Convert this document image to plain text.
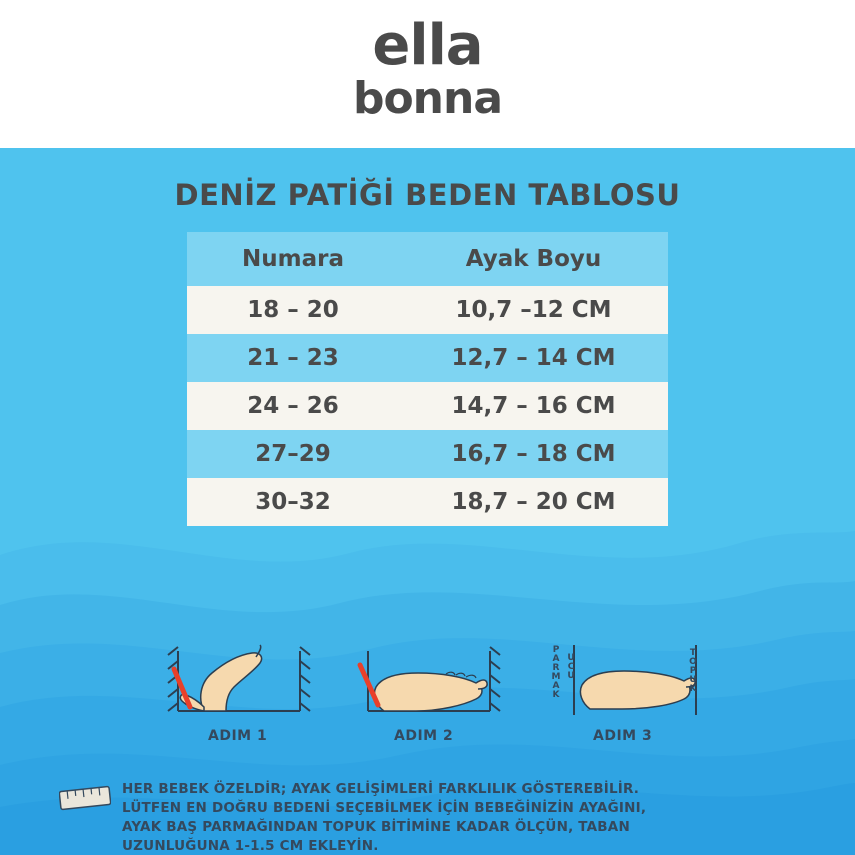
ella
bonna
DENİZ PATİĞİ BEDEN TABLOSU
Numara	Ayak Boyu
18 – 20	10,7 –12 CM
21 – 23	12,7 – 14 CM
24 – 26	14,7 – 16 CM
27–29	16,7 – 18 CM
30–32	18,7 – 20 CM
ADIM 1	ADIM 2
PARMAK UCU	TOPUK
ADIM 3
HER BEBEK ÖZELDİR; AYAK GELİŞİMLERİ FARKLILIK GÖSTEREBİLİR.
LÜTFEN EN DOĞRU BEDENİ SEÇEBİLMEK İÇİN BEBEĞİNİZİN AYAĞINI,
AYAK BAŞ PARMAĞINDAN TOPUK BİTİMİNE KADAR ÖLÇÜN, TABAN
UZUNLUĞUNA 1-1.5 CM EKLEYİN.
